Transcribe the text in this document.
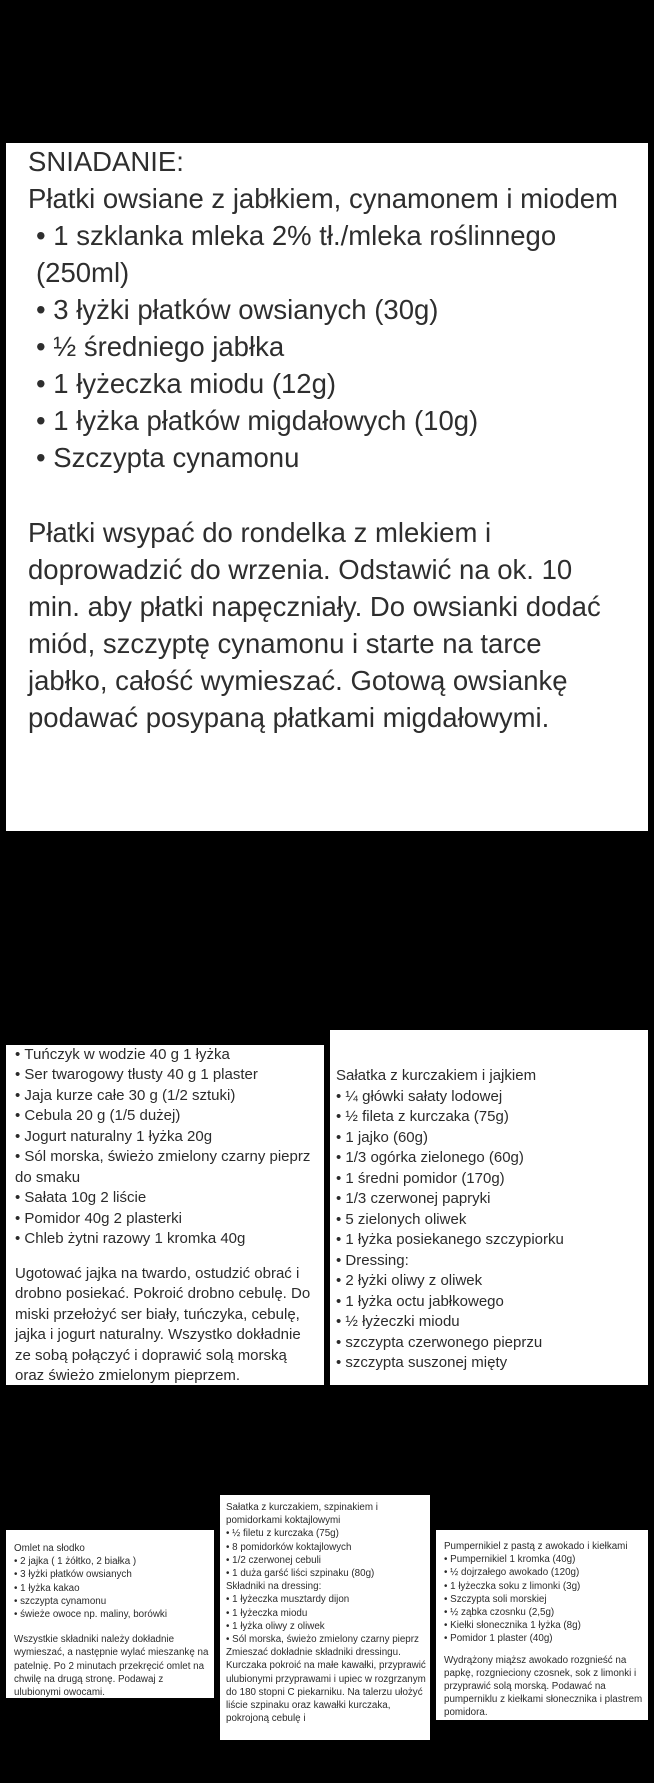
SNIADANIE:

Płatki owsiane z jabłkiem, cynamonem i miodem

• 1 szklanka mleka 2% tł./mleka roślinnego (250ml)
• 3 łyżki płatków owsianych (30g)
• ½ średniego jabłka
• 1 łyżeczka miodu (12g)
• 1 łyżka płatków migdałowych (10g)
• Szczypta cynamonu

Płatki wsypać do rondelka z mlekiem i doprowadzić do wrzenia. Odstawić na ok. 10 min. aby płatki napęczniały. Do owsianki dodać miód, szczyptę cynamonu i starte na tarce jabłko, całość wymieszać. Gotową owsiankę podawać posypaną płatkami migdałowymi.

• Tuńczyk w wodzie 40 g 1 łyżka
• Ser twarogowy tłusty 40 g 1 plaster
• Jaja kurze całe 30 g (1/2 sztuki)
• Cebula 20 g (1/5 dużej)
• Jogurt naturalny 1 łyżka 20g
• Sól morska, świeżo zmielony czarny pieprz do smaku
• Sałata 10g 2 liście
• Pomidor 40g 2 plasterki
• Chleb żytni razowy 1 kromka 40g

Ugotować jajka na twardo, ostudzić obrać i drobno posiekać. Pokroić drobno cebulę. Do miski przełożyć ser biały, tuńczyka, cebulę, jajka i jogurt naturalny. Wszystko dokładnie ze sobą połączyć i doprawić solą morską oraz świeżo zmielonym pieprzem.

Sałatka z kurczakiem i jajkiem

• ¼ główki sałaty lodowej
• ½ fileta z kurczaka (75g)
• 1 jajko (60g)
• 1/3 ogórka zielonego (60g)
• 1 średni pomidor (170g)
• 1/3 czerwonej papryki
• 5 zielonych oliwek
• 1 łyżka posiekanego szczypiorku
• Dressing:
• 2 łyżki oliwy z oliwek
• 1 łyżka octu jabłkowego
• ½ łyżeczki miodu
• szczypta czerwonego pieprzu
• szczypta suszonej mięty

Omlet na słodko

• 2 jajka ( 1 żółtko, 2 białka )
• 3 łyżki płatków owsianych
• 1 łyżka kakao
• szczypta cynamonu
• świeże owoce np. maliny, borówki

Wszystkie składniki należy dokładnie wymieszać, a następnie wylać mieszankę na patelnię. Po 2 minutach przekręcić omlet na chwilę na drugą stronę. Podawaj z ulubionymi owocami.

Sałatka z kurczakiem, szpinakiem i pomidorkami koktajlowymi

• ½ filetu z kurczaka (75g)
• 8 pomidorków koktajlowych
• 1/2 czerwonej cebuli
• 1 duża garść liści szpinaku (80g)

Składniki na dressing:

• 1 łyżeczka musztardy dijon
• 1 łyżeczka miodu
• 1 łyżka oliwy z oliwek
• Sól morska, świeżo zmielony czarny pieprz

Zmieszać dokładnie składniki dressingu. Kurczaka pokroić na małe kawałki, przyprawić ulubionymi przyprawami i upiec w rozgrzanym do 180 stopni C piekarniku. Na talerzu ułożyć liście szpinaku oraz kawałki kurczaka, pokrojoną cebulę i

Pumpernikiel z pastą z awokado i kiełkami

• Pumpernikiel 1 kromka (40g)
• ½ dojrzałego awokado (120g)
• 1 łyżeczka soku z limonki (3g)
• Szczypta soli morskiej
• ½ ząbka czosnku (2,5g)
• Kiełki słonecznika 1 łyżka (8g)
• Pomidor 1 plaster (40g)

Wydrążony miąższ awokado rozgnieść na papkę, rozgnieciony czosnek, sok z limonki i przyprawić solą morską. Podawać na pumperniklu z kiełkami słonecznika i plastrem pomidora.
